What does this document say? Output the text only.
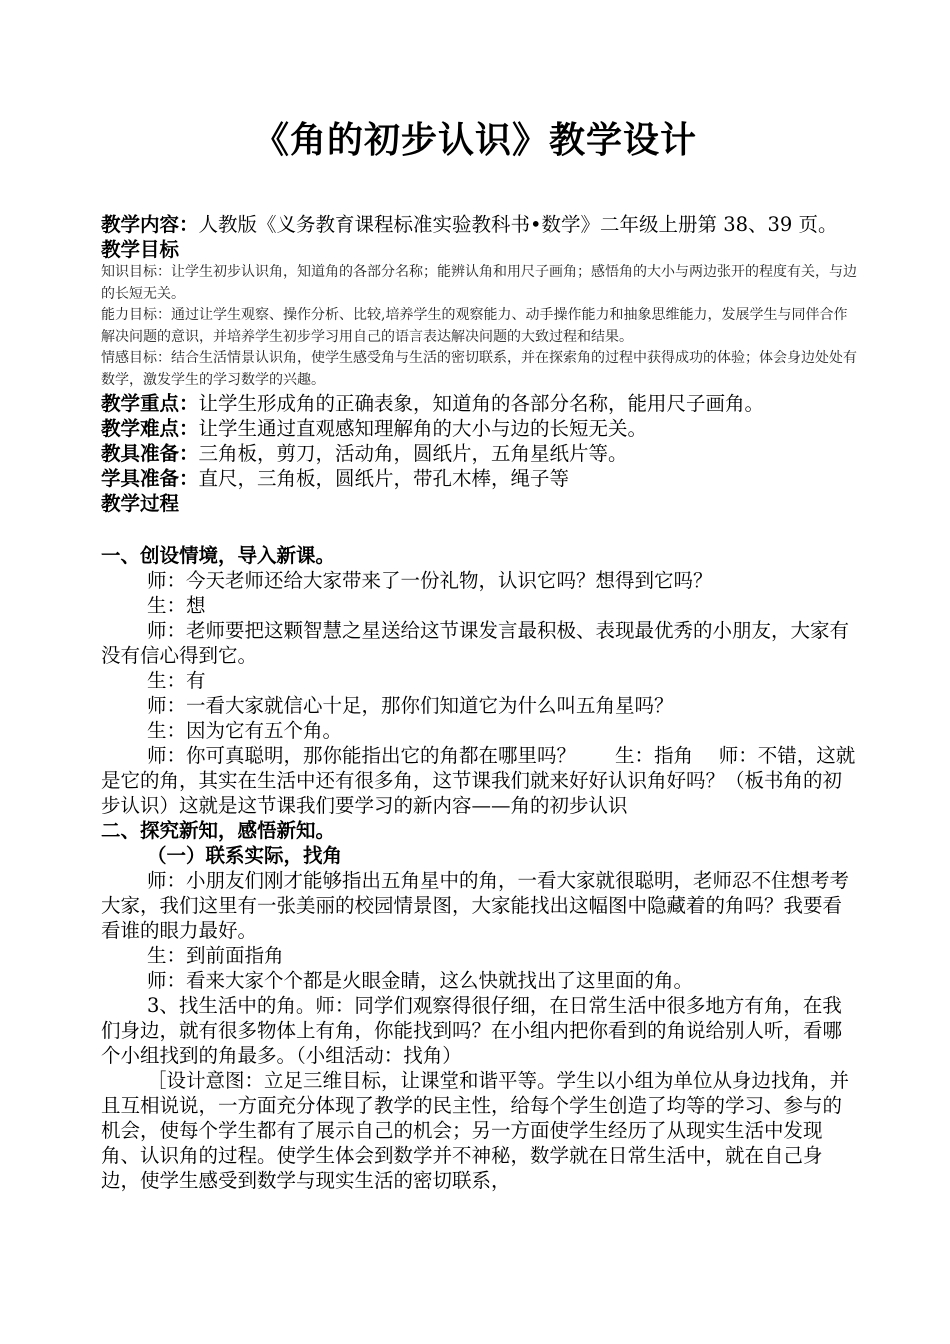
《角的初步认识》教学设计

教学内容：人教版《义务教育课程标准实验教科书•数学》二年级上册第 38、39 页。

教学目标

知识目标：让学生初步认识角，知道角的各部分名称；能辨认角和用尺子画角；感悟角的大小与两边张开的程度有关，与边的长短无关。

能力目标：通过让学生观察、操作分析、比较,培养学生的观察能力、动手操作能力和抽象思维能力，发展学生与同伴合作解决问题的意识，并培养学生初步学习用自己的语言表达解决问题的大致过程和结果。

情感目标：结合生活情景认识角，使学生感受角与生活的密切联系，并在探索角的过程中获得成功的体验；体会身边处处有数学，激发学生的学习数学的兴趣。

教学重点：让学生形成角的正确表象，知道角的各部分名称，能用尺子画角。

教学难点：让学生通过直观感知理解角的大小与边的长短无关。

教具准备：三角板，剪刀，活动角，圆纸片，五角星纸片等。

学具准备：直尺，三角板，圆纸片，带孔木棒，绳子等

教学过程

一、创设情境，导入新课。

师：今天老师还给大家带来了一份礼物，认识它吗？想得到它吗？

生：想

师：老师要把这颗智慧之星送给这节课发言最积极、表现最优秀的小朋友，大家有没有信心得到它。

生：有

师：一看大家就信心十足，那你们知道它为什么叫五角星吗？

生：因为它有五个角。

师：你可真聪明，那你能指出它的角都在哪里吗？　　生：指角　 师：不错，这就是它的角，其实在生活中还有很多角，这节课我们就来好好认识角好吗？（板书角的初步认识）这就是这节课我们要学习的新内容——角的初步认识

二、探究新知，感悟新知。

（一）联系实际，找角

师：小朋友们刚才能够指出五角星中的角，一看大家就很聪明，老师忍不住想考考大家，我们这里有一张美丽的校园情景图，大家能找出这幅图中隐藏着的角吗？我要看看谁的眼力最好。

生：到前面指角

师：看来大家个个都是火眼金睛，这么快就找出了这里面的角。

3、找生活中的角。师：同学们观察得很仔细，在日常生活中很多地方有角，在我们身边，就有很多物体上有角，你能找到吗？在小组内把你看到的角说给别人听，看哪个小组找到的角最多。（小组活动：找角）

［设计意图：立足三维目标，让课堂和谐平等。学生以小组为单位从身边找角，并且互相说说，一方面充分体现了教学的民主性，给每个学生创造了均等的学习、参与的机会，使每个学生都有了展示自己的机会；另一方面使学生经历了从现实生活中发现角、认识角的过程。使学生体会到数学并不神秘，数学就在日常生活中，就在自己身边，使学生感受到数学与现实生活的密切联系，
